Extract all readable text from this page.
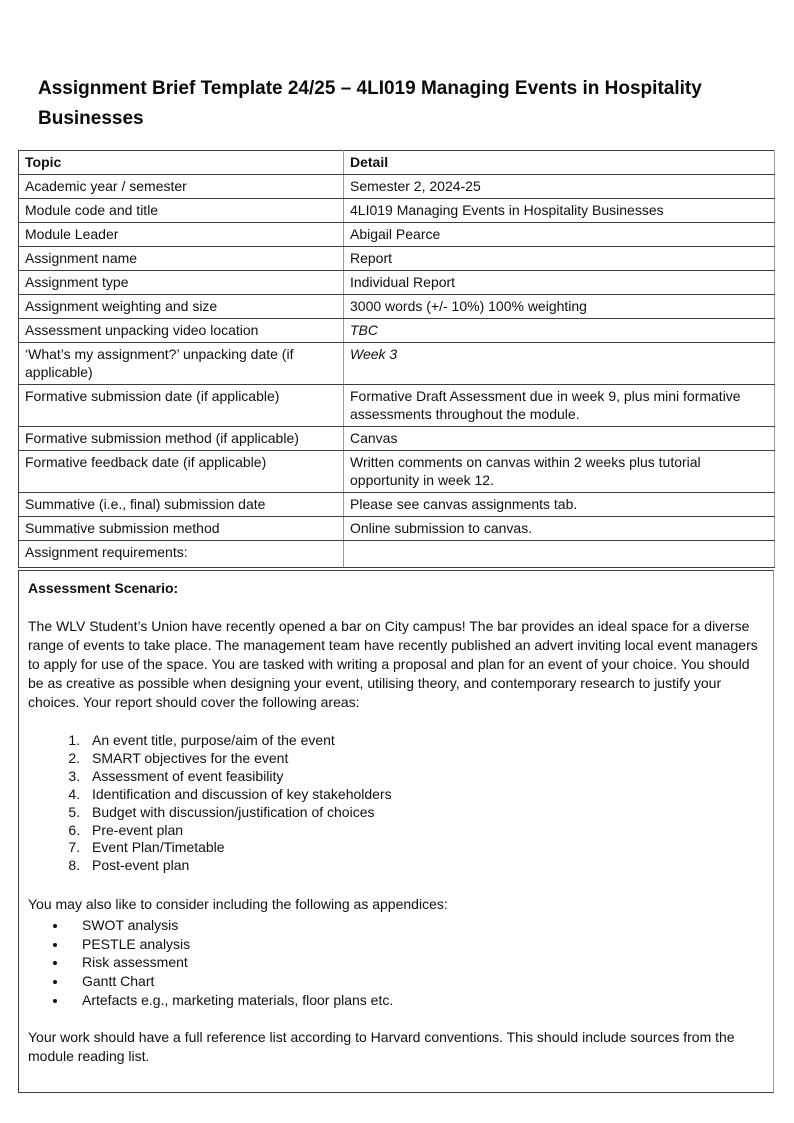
Assignment Brief Template 24/25 – 4LI019 Managing Events in Hospitality Businesses
Topic	Detail
Academic year / semester	Semester 2, 2024-25
Module code and title	4LI019 Managing Events in Hospitality Businesses
Module Leader	Abigail Pearce
Assignment name	Report
Assignment type	Individual Report
Assignment weighting and size	3000 words (+/- 10%) 100% weighting
Assessment unpacking video location	TBC
‘What’s my assignment?’ unpacking date (if applicable)	Week 3
Formative submission date (if applicable)	Formative Draft Assessment due in week 9, plus mini formative assessments throughout the module.
Formative submission method (if applicable)	Canvas
Formative feedback date (if applicable)	Written comments on canvas within 2 weeks plus tutorial opportunity in week 12.
Summative (i.e., final) submission date	Please see canvas assignments tab.
Summative submission method	Online submission to canvas.
Assignment requirements:	

Assessment Scenario:

The WLV Student’s Union have recently opened a bar on City campus! The bar provides an ideal space for a diverse range of events to take place. The management team have recently published an advert inviting local event managers to apply for use of the space. You are tasked with writing a proposal and plan for an event of your choice. You should be as creative as possible when designing your event, utilising theory, and contemporary research to justify your choices. Your report should cover the following areas:

1. An event title, purpose/aim of the event
2. SMART objectives for the event
3. Assessment of event feasibility
4. Identification and discussion of key stakeholders
5. Budget with discussion/justification of choices
6. Pre-event plan
7. Event Plan/Timetable
8. Post-event plan

You may also like to consider including the following as appendices:

• SWOT analysis
• PESTLE analysis
• Risk assessment
• Gantt Chart
• Artefacts e.g., marketing materials, floor plans etc.

Your work should have a full reference list according to Harvard conventions. This should include sources from the module reading list.
